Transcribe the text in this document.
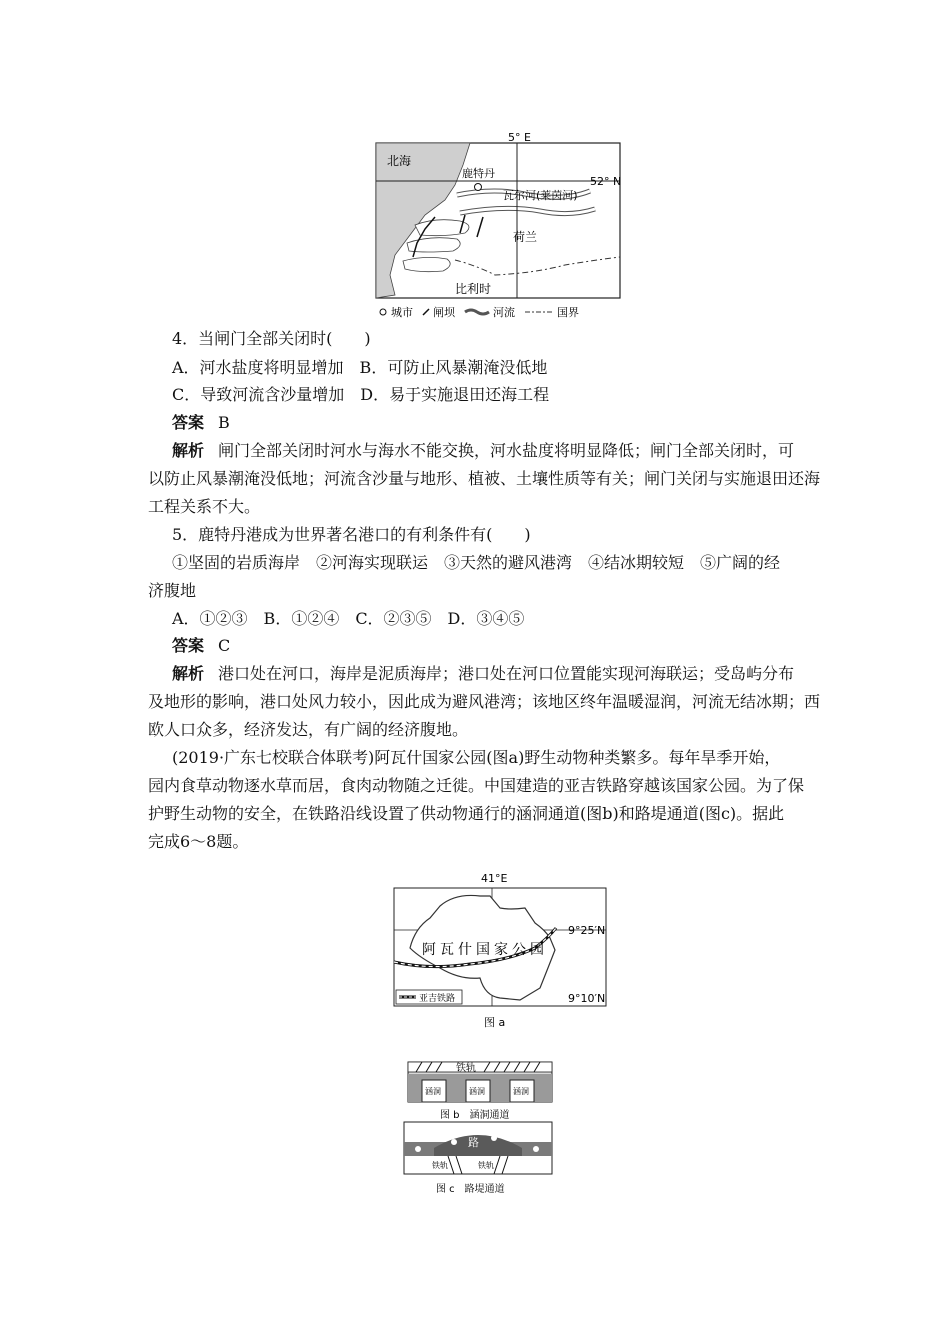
5° E
52° N
北海
鹿特丹
瓦尔河(莱茵河)
荷兰
比利时
城市 闸坝	河流	国界
4．当闸门全部关闭时(　　)
A．河水盐度将明显增加　B．可防止风暴潮淹没低地
C．导致河流含沙量增加　D．易于实施退田还海工程
答案 B
解析 闸门全部关闭时河水与海水不能交换，河水盐度将明显降低；闸门全部关闭时，可
以防止风暴潮淹没低地；河流含沙量与地形、植被、土壤性质等有关；闸门关闭与实施退田还海
工程关系不大。
5．鹿特丹港成为世界著名港口的有利条件有(　　)
①坚固的岩质海岸　②河海实现联运　③天然的避风港湾　④结冰期较短　⑤广阔的经
济腹地
A．①②③　B．①②④　C．②③⑤　D．③④⑤
答案 C
解析 港口处在河口，海岸是泥质海岸；港口处在河口位置能实现河海联运；受岛屿分布
及地形的影响，港口处风力较小，因此成为避风港湾；该地区终年温暖湿润，河流无结冰期；西
欧人口众多，经济发达，有广阔的经济腹地。
(2019·广东七校联合体联考)阿瓦什国家公园(图a)野生动物种类繁多。每年旱季开始，
园内食草动物逐水草而居，食肉动物随之迁徙。中国建造的亚吉铁路穿越该国家公园。为了保
护野生动物的安全，在铁路沿线设置了供动物通行的涵洞通道(图b)和路堤通道(图c)。据此
完成6～8题。
41°E
9°25′N
9°10′N
阿瓦什国家公园
亚吉铁路
图 a
铁轨
涵洞	涵洞	涵洞
图 b　涵洞通道
路
铁轨	铁轨
图 c　路堤通道
